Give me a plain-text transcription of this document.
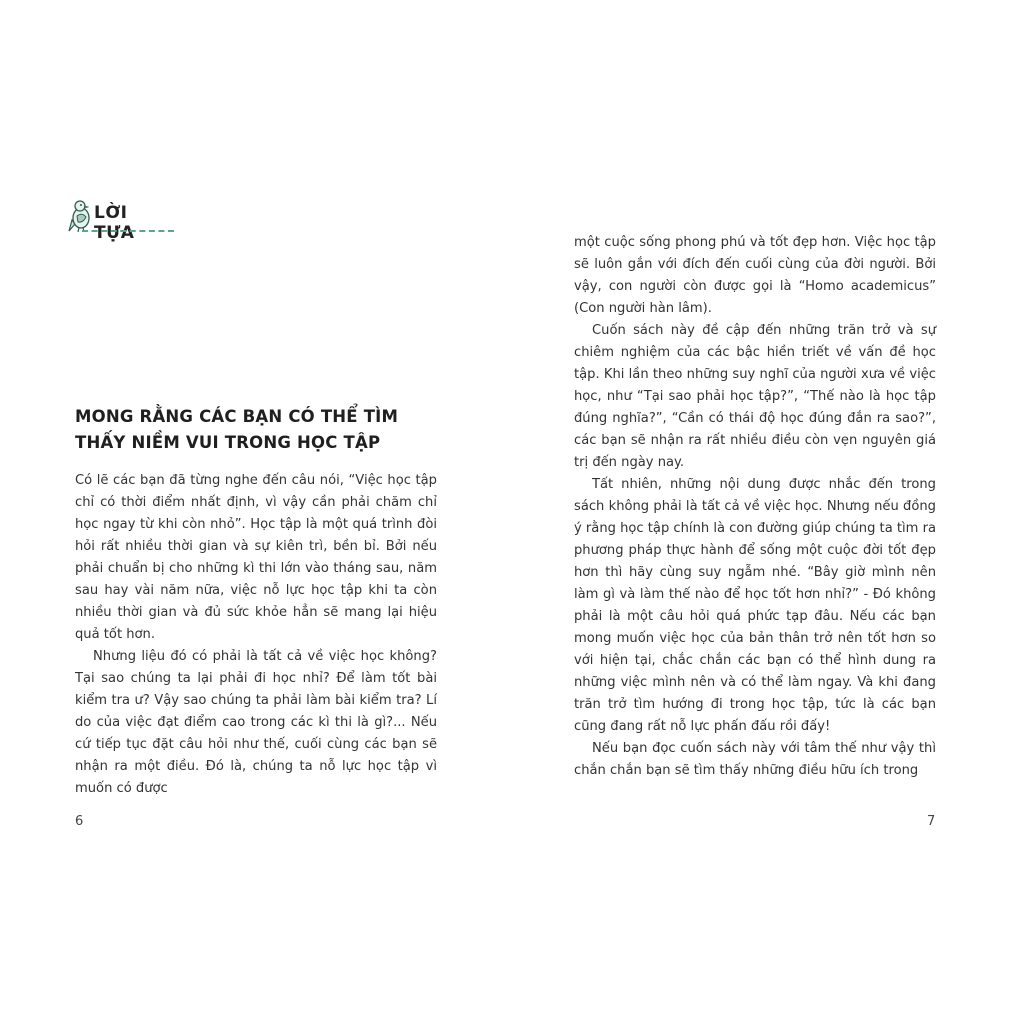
LỜI TỰA
MONG RẰNG CÁC BẠN CÓ THỂ TÌM THẤY NIỀM VUI TRONG HỌC TẬP

Có lẽ các bạn đã từng nghe đến câu nói, “Việc học tập chỉ có thời điểm nhất định, vì vậy cần phải chăm chỉ học ngay từ khi còn nhỏ”. Học tập là một quá trình đòi hỏi rất nhiều thời gian và sự kiên trì, bền bỉ. Bởi nếu phải chuẩn bị cho những kì thi lớn vào tháng sau, năm sau hay vài năm nữa, việc nỗ lực học tập khi ta còn nhiều thời gian và đủ sức khỏe hẳn sẽ mang lại hiệu quả tốt hơn.

Nhưng liệu đó có phải là tất cả về việc học không? Tại sao chúng ta lại phải đi học nhỉ? Để làm tốt bài kiểm tra ư? Vậy sao chúng ta phải làm bài kiểm tra? Lí do của việc đạt điểm cao trong các kì thi là gì?... Nếu cứ tiếp tục đặt câu hỏi như thế, cuối cùng các bạn sẽ nhận ra một điều. Đó là, chúng ta nỗ lực học tập vì muốn có được

6

một cuộc sống phong phú và tốt đẹp hơn. Việc học tập sẽ luôn gắn với đích đến cuối cùng của đời người. Bởi vậy, con người còn được gọi là “Homo academicus” (Con người hàn lâm).

Cuốn sách này đề cập đến những trăn trở và sự chiêm nghiệm của các bậc hiền triết về vấn đề học tập. Khi lần theo những suy nghĩ của người xưa về việc học, như “Tại sao phải học tập?”, “Thế nào là học tập đúng nghĩa?”, “Cần có thái độ học đúng đắn ra sao?”, các bạn sẽ nhận ra rất nhiều điều còn vẹn nguyên giá trị đến ngày nay.

Tất nhiên, những nội dung được nhắc đến trong sách không phải là tất cả về việc học. Nhưng nếu đồng ý rằng học tập chính là con đường giúp chúng ta tìm ra phương pháp thực hành để sống một cuộc đời tốt đẹp hơn thì hãy cùng suy ngẫm nhé. “Bây giờ mình nên làm gì và làm thế nào để học tốt hơn nhỉ?” - Đó không phải là một câu hỏi quá phức tạp đâu. Nếu các bạn mong muốn việc học của bản thân trở nên tốt hơn so với hiện tại, chắc chắn các bạn có thể hình dung ra những việc mình nên và có thể làm ngay. Và khi đang trăn trở tìm hướng đi trong học tập, tức là các bạn cũng đang rất nỗ lực phấn đấu rồi đấy!

Nếu bạn đọc cuốn sách này với tâm thế như vậy thì chắn chắn bạn sẽ tìm thấy những điều hữu ích trong

7
